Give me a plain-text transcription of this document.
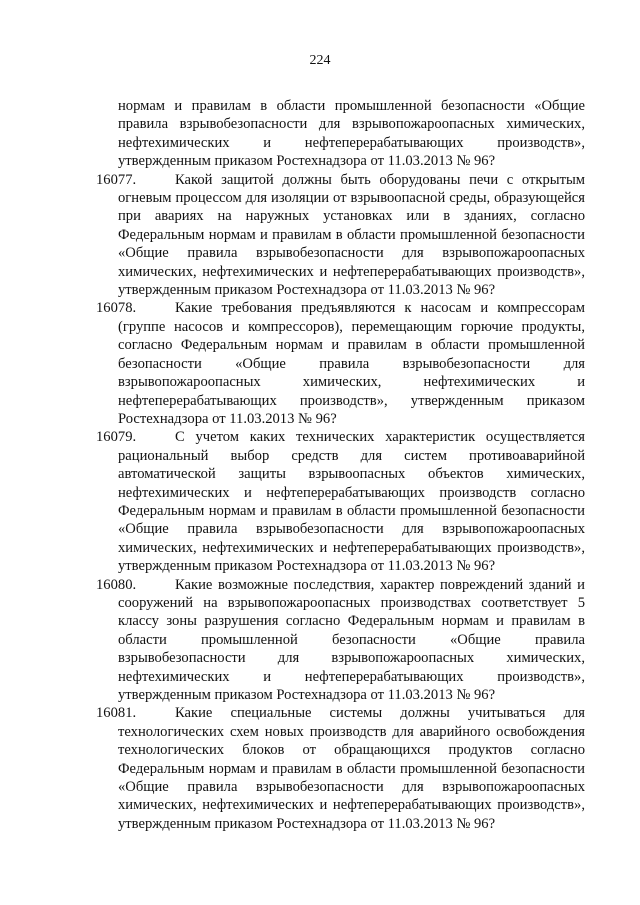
224

нормам и правилам в области промышленной безопасности «Общие правила взрывобезопасности для взрывопожароопасных химических, нефтехимических и нефтеперерабатывающих производств», утвержденным приказом Ростехнадзора от 11.03.2013 № 96?

16077.	Какой защитой должны быть оборудованы печи с открытым огневым процессом для изоляции от взрывоопасной среды, образующейся при авариях на наружных установках или в зданиях, согласно Федеральным нормам и правилам в области промышленной безопасности «Общие правила взрывобезопасности для взрывопожароопасных химических, нефтехимических и нефтеперерабатывающих производств», утвержденным приказом Ростехнадзора от 11.03.2013 № 96?

16078.	Какие требования предъявляются к насосам и компрессорам (группе насосов и компрессоров), перемещающим горючие продукты, согласно Федеральным нормам и правилам в области промышленной безопасности «Общие правила взрывобезопасности для взрывопожароопасных химических, нефтехимических и нефтеперерабатывающих производств», утвержденным приказом Ростехнадзора от 11.03.2013 № 96?

16079.	С учетом каких технических характеристик осуществляется рациональный выбор средств для систем противоаварийной автоматической защиты взрывоопасных объектов химических, нефтехимических и нефтеперерабатывающих производств согласно Федеральным нормам и правилам в области промышленной безопасности «Общие правила взрывобезопасности для взрывопожароопасных химических, нефтехимических и нефтеперерабатывающих производств», утвержденным приказом Ростехнадзора от 11.03.2013 № 96?

16080.	Какие возможные последствия, характер повреждений зданий и сооружений на взрывопожароопасных производствах соответствует 5 классу зоны разрушения согласно Федеральным нормам и правилам в области промышленной безопасности «Общие правила взрывобезопасности для взрывопожароопасных химических, нефтехимических и нефтеперерабатывающих производств», утвержденным приказом Ростехнадзора от 11.03.2013 № 96?

16081.	Какие специальные системы должны учитываться для технологических схем новых производств для аварийного освобождения технологических блоков от обращающихся продуктов согласно Федеральным нормам и правилам в области промышленной безопасности «Общие правила взрывобезопасности для взрывопожароопасных химических, нефтехимических и нефтеперерабатывающих производств», утвержденным приказом Ростехнадзора от 11.03.2013 № 96?
